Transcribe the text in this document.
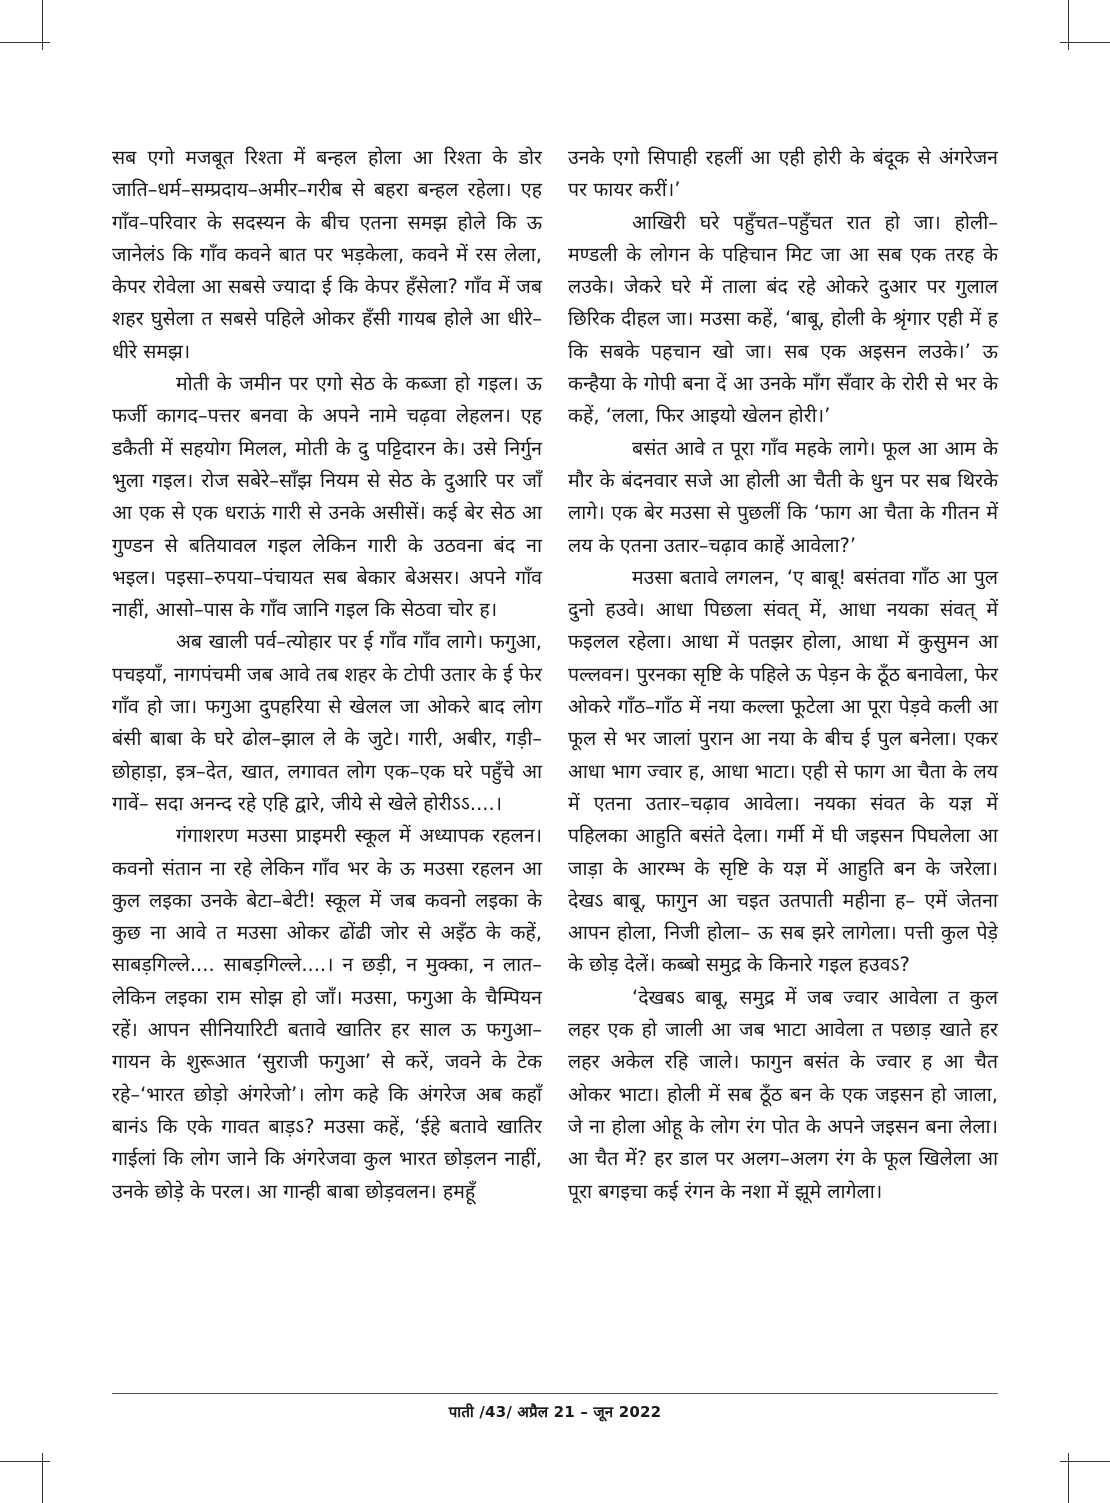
सब एगो मजबूत रिश्ता में बन्हल होला आ रिश्ता के डोर जाति–धर्म–सम्प्रदाय–अमीर–गरीब से बहरा बन्हल रहेला। एह गाँव–परिवार के सदस्यन के बीच एतना समझ होले कि ऊ जानेलंऽ कि गाँव कवने बात पर भड़केला, कवने में रस लेला, केपर रोवेला आ सबसे ज्यादा ई कि केपर हँसेला? गाँव में जब शहर घुसेला त सबसे पहिले ओकर हँसी गायब होले आ धीरे–धीरे समझ।

मोती के जमीन पर एगो सेठ के कब्जा हो गइल। ऊ फर्जी कागद–पत्तर बनवा के अपने नामे चढ़वा लेहलन। एह डकैती में सहयोग मिलल, मोती के दु पट्टिदारन के। उसे निर्गुन भुला गइल। रोज सबेरे–साँझ नियम से सेठ के दुआरि पर जाँ आ एक से एक धराऊं गारी से उनके असीसें। कई बेर सेठ आ गुण्डन से बतियावल गइल लेकिन गारी के उठवना बंद ना भइल। पइसा–रुपया–पंचायत सब बेकार बेअसर। अपने गाँव नाहीं, आसो–पास के गाँव जानि गइल कि सेठवा चोर ह।

अब खाली पर्व–त्योहार पर ई गाँव गाँव लागे। फगुआ, पचइयाँ, नागपंचमी जब आवे तब शहर के टोपी उतार के ई फेर गाँव हो जा। फगुआ दुपहरिया से खेलल जा ओकरे बाद लोग बंसी बाबा के घरे ढोल–झाल ले के जुटे। गारी, अबीर, गड़ी–छोहाड़ा, इत्र–देत, खात, लगावत लोग एक–एक घरे पहुँचे आ गावें– सदा अनन्द रहे एहि द्वारे, जीये से खेले होरीऽऽ....।

गंगाशरण मउसा प्राइमरी स्कूल में अध्यापक रहलन। कवनो संतान ना रहे लेकिन गाँव भर के ऊ मउसा रहलन आ कुल लइका उनके बेटा–बेटी! स्कूल में जब कवनो लइका के कुछ ना आवे त मउसा ओकर ढोंढी जोर से अइँठ के कहें, साबड़गिल्ले.... साबड़गिल्ले....। न छड़ी, न मुक्का, न लात–लेकिन लइका राम सोझ हो जाँ। मउसा, फगुआ के चैम्पियन रहें। आपन सीनियारिटी बतावे खातिर हर साल ऊ फगुआ–गायन के शुरूआत ‘सुराजी फगुआ’ से करें, जवने के टेक रहे–‘भारत छोड़ो अंगरेजो’। लोग कहे कि अंगरेज अब कहाँ बानंऽ कि एके गावत बाड़ऽ? मउसा कहें, ‘ईहे बतावे खातिर गाईलां कि लोग जाने कि अंगरेजवा कुल भारत छोड़लन नाहीं, उनके छोड़े के परल। आ गान्ही बाबा छोड़वलन। हमहूँ

उनके एगो सिपाही रहलीं आ एही होरी के बंदूक से अंगरेजन पर फायर करीं।’

आखिरी घरे पहुँचत–पहुँचत रात हो जा। होली–मण्डली के लोगन के पहिचान मिट जा आ सब एक तरह के लउके। जेकरे घरे में ताला बंद रहे ओकरे दुआर पर गुलाल छिरिक दीहल जा। मउसा कहें, ‘बाबू, होली के श्रृंगार एही में ह कि सबके पहचान खो जा। सब एक अइसन लउके।’ ऊ कन्हैया के गोपी बना दें आ उनके माँग सँवार के रोरी से भर के कहें, ‘लला, फिर आइयो खेलन होरी।’

बसंत आवे त पूरा गाँव महके लागे। फूल आ आम के मौर के बंदनवार सजे आ होली आ चैती के धुन पर सब थिरके लागे। एक बेर मउसा से पुछलीं कि ‘फाग आ चैता के गीतन में लय के एतना उतार–चढ़ाव काहें आवेला?’

मउसा बतावे लगलन, ‘ए बाबू! बसंतवा गाँठ आ पुल दुनो हउवे। आधा पिछला संवत् में, आधा नयका संवत् में फइलल रहेला। आधा में पतझर होला, आधा में कुसुमन आ पल्लवन। पुरनका सृष्टि के पहिले ऊ पेड़न के ठूँठ बनावेला, फेर ओकरे गाँठ–गाँठ में नया कल्ला फूटेला आ पूरा पेड़वे कली आ फूल से भर जालां पुरान आ नया के बीच ई पुल बनेला। एकर आधा भाग ज्वार ह, आधा भाटा। एही से फाग आ चैता के लय में एतना उतार–चढ़ाव आवेला। नयका संवत के यज्ञ में पहिलका आहुति बसंते देला। गर्मी में घी जइसन पिघलेला आ जाड़ा के आरम्भ के सृष्टि के यज्ञ में आहुति बन के जरेला। देखऽ बाबू, फागुन आ चइत उतपाती महीना ह– एमें जेतना आपन होला, निजी होला– ऊ सब झरे लागेला। पत्ती कुल पेड़े के छोड़ देलें। कब्बो समुद्र के किनारे गइल हउवऽ?

‘देखबऽ बाबू, समुद्र में जब ज्वार आवेला त कुल लहर एक हो जाली आ जब भाटा आवेला त पछाड़ खाते हर लहर अकेल रहि जाले। फागुन बसंत के ज्वार ह आ चैत ओकर भाटा। होली में सब ठूँठ बन के एक जइसन हो जाला, जे ना होला ओहू के लोग रंग पोत के अपने जइसन बना लेला। आ चैत में? हर डाल पर अलग–अलग रंग के फूल खिलेला आ पूरा बगइचा कई रंगन के नशा में झूमे लागेला।

पाती /43/ अप्रैल 21 – जून 2022
